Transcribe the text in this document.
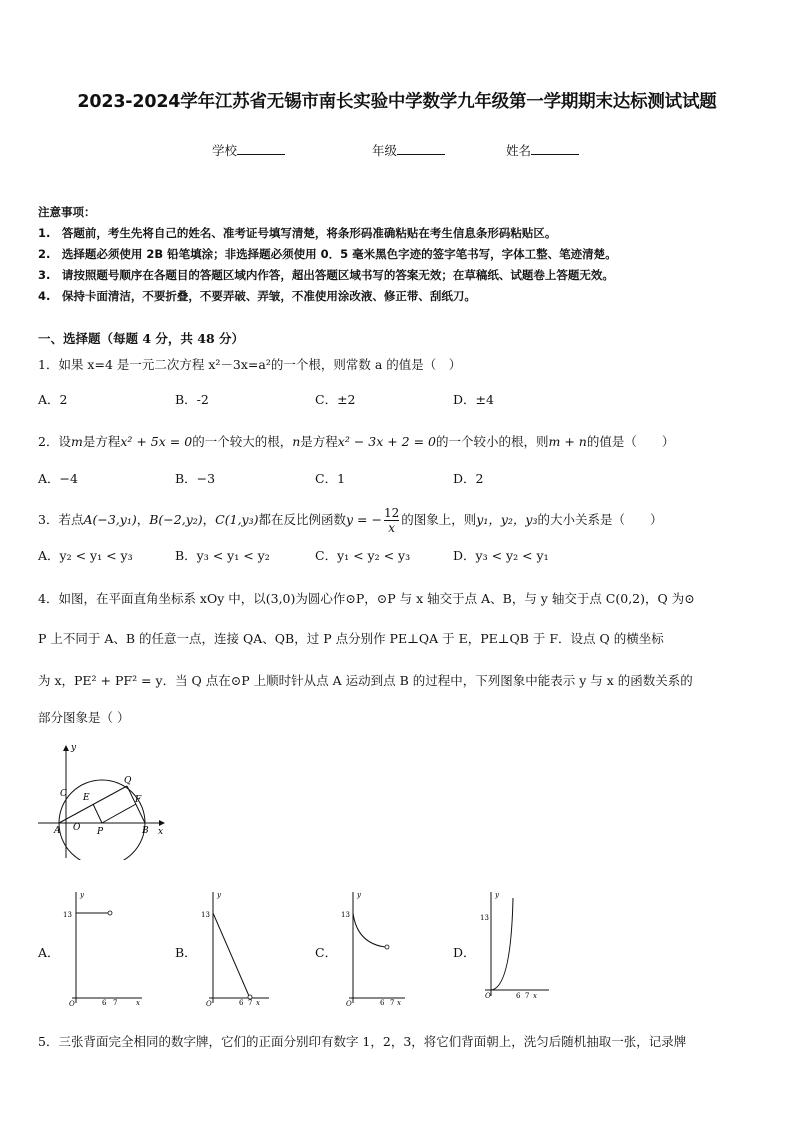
2023-2024学年江苏省无锡市南长实验中学数学九年级第一学期期末达标测试试题
学校	年级	姓名
注意事项：
1.　答题前，考生先将自己的姓名、准考证号填写清楚，将条形码准确粘贴在考生信息条形码粘贴区。
2.　选择题必须使用 2B 铅笔填涂；非选择题必须使用 0．5 毫米黑色字迹的签字笔书写，字体工整、笔迹清楚。
3.　请按照题号顺序在各题目的答题区域内作答，超出答题区域书写的答案无效；在草稿纸、试题卷上答题无效。
4.　保持卡面清洁，不要折叠，不要弄破、弄皱，不准使用涂改液、修正带、刮纸刀。
一、选择题（每题 4 分，共 48 分）
1．如果 x=4 是一元二次方程 x²－3x=a²的一个根，则常数 a 的值是（　）
A．2	B．-2	C．±2	D．±4
2．设m是方程x² + 5x = 0的一个较大的根，n是方程x² − 3x + 2 = 0的一个较小的根，则m + n的值是（　　）
A．−4	B．−3	C．1	D．2
3．若点A(−3,y₁)，B(−2,y₂)，C(1,y₃)都在反比例函数y = − $\frac{12}{x}$ 的图象上，则y₁，y₂，y₃的大小关系是（　　）
A．y₂ < y₁ < y₃	B．y₃ < y₁ < y₂	C．y₁ < y₂ < y₃	D．y₃ < y₂ < y₁
4．如图，在平面直角坐标系 xOy 中，以(3,0)为圆心作⊙P，⊙P 与 x 轴交于点 A、B，与 y 轴交于点 C(0,2)，Q 为⊙
P 上不同于 A、B 的任意一点，连接 QA、QB，过 P 点分别作 PE⊥QA 于 E，PE⊥QB 于 F．设点 Q 的横坐标
为 x，PE² + PF² = y．当 Q 点在⊙P 上顺时针从点 A 运动到点 B 的过程中，下列图象中能表示 y 与 x 的函数关系的
部分图象是（ ）
y
x
C
Q
E	F
A O P	B
A．
y
13
O	6 7	x
B．
y
13
O	6 7 x
C．
y
13
O	6 7 x
D．
y
13
O	6 7 x
5．三张背面完全相同的数字牌，它们的正面分别印有数字 1，2，3，将它们背面朝上，洗匀后随机抽取一张，记录牌
